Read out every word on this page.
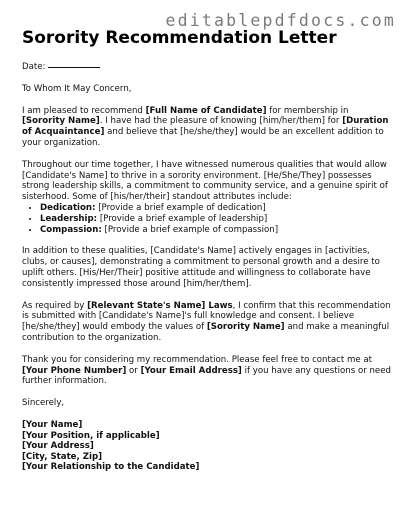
editablepdfdocs.com
Sorority Recommendation Letter

Date:

To Whom It May Concern,

I am pleased to recommend [Full Name of Candidate] for membership in [Sorority Name]. I have had the pleasure of knowing [him/her/them] for [Duration of Acquaintance] and believe that [he/she/they] would be an excellent addition to your organization.

Throughout our time together, I have witnessed numerous qualities that would allow [Candidate's Name] to thrive in a sorority environment. [He/She/They] possesses strong leadership skills, a commitment to community service, and a genuine spirit of sisterhood. Some of [his/her/their] standout attributes include:

• Dedication: [Provide a brief example of dedication]
• Leadership: [Provide a brief example of leadership]
• Compassion: [Provide a brief example of compassion]

In addition to these qualities, [Candidate's Name] actively engages in [activities, clubs, or causes], demonstrating a commitment to personal growth and a desire to uplift others. [His/Her/Their] positive attitude and willingness to collaborate have consistently impressed those around [him/her/them].

As required by [Relevant State's Name] Laws, I confirm that this recommendation is submitted with [Candidate's Name]'s full knowledge and consent. I believe [he/she/they] would embody the values of [Sorority Name] and make a meaningful contribution to the organization.

Thank you for considering my recommendation. Please feel free to contact me at [Your Phone Number] or [Your Email Address] if you have any questions or need further information.

Sincerely,

[Your Name]

[Your Position, if applicable]

[Your Address]

[City, State, Zip]

[Your Relationship to the Candidate]
